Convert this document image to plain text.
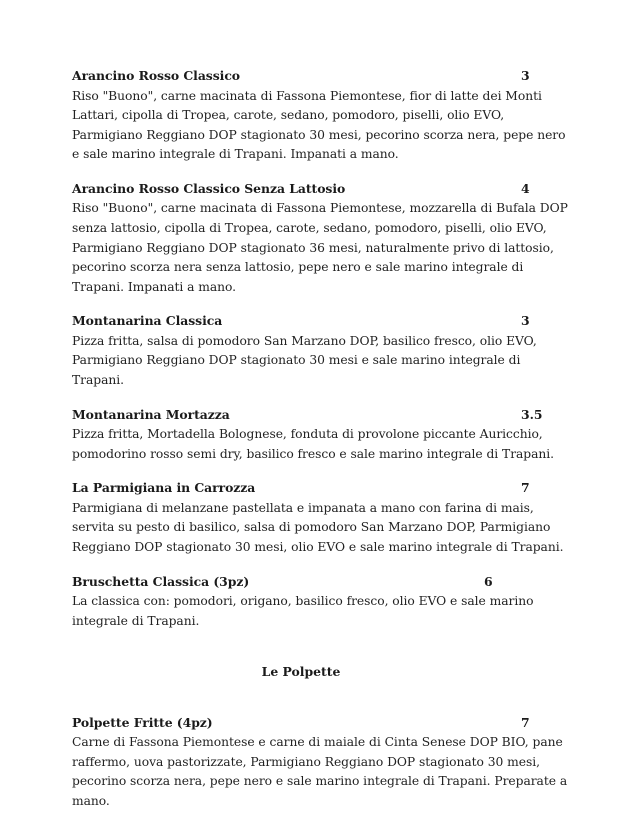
Arancino Rosso Classico	3
Riso "Buono", carne macinata di Fassona Piemontese, fior di latte dei Monti Lattari, cipolla di Tropea, carote, sedano, pomodoro, piselli, olio EVO, Parmigiano Reggiano DOP stagionato 30 mesi, pecorino scorza nera, pepe nero e sale marino integrale di Trapani. Impanati a mano.
Arancino Rosso Classico Senza Lattosio	4
Riso "Buono", carne macinata di Fassona Piemontese, mozzarella di Bufala DOP senza lattosio, cipolla di Tropea, carote, sedano, pomodoro, piselli, olio EVO, Parmigiano Reggiano DOP stagionato 36 mesi, naturalmente privo di lattosio, pecorino scorza nera senza lattosio, pepe nero e sale marino integrale di Trapani. Impanati a mano.
Montanarina Classica	3
Pizza fritta, salsa di pomodoro San Marzano DOP, basilico fresco, olio EVO, Parmigiano Reggiano DOP stagionato 30 mesi e sale marino integrale di Trapani.
Montanarina Mortazza	3.5
Pizza fritta, Mortadella Bolognese, fonduta di provolone piccante Auricchio, pomodorino rosso semi dry, basilico fresco e sale marino integrale di Trapani.
La Parmigiana in Carrozza	7
Parmigiana di melanzane pastellata e impanata a mano con farina di mais, servita su pesto di basilico, salsa di pomodoro San Marzano DOP, Parmigiano Reggiano DOP stagionato 30 mesi, olio EVO e sale marino integrale di Trapani.
Bruschetta Classica (3pz)	6
La classica con: pomodori, origano, basilico fresco, olio EVO e sale marino integrale di Trapani.
Le Polpette
Polpette Fritte (4pz)	7
Carne di Fassona Piemontese e carne di maiale di Cinta Senese DOP BIO, pane raffermo, uova pastorizzate, Parmigiano Reggiano DOP stagionato 30 mesi, pecorino scorza nera, pepe nero e sale marino integrale di Trapani. Preparate a mano.
